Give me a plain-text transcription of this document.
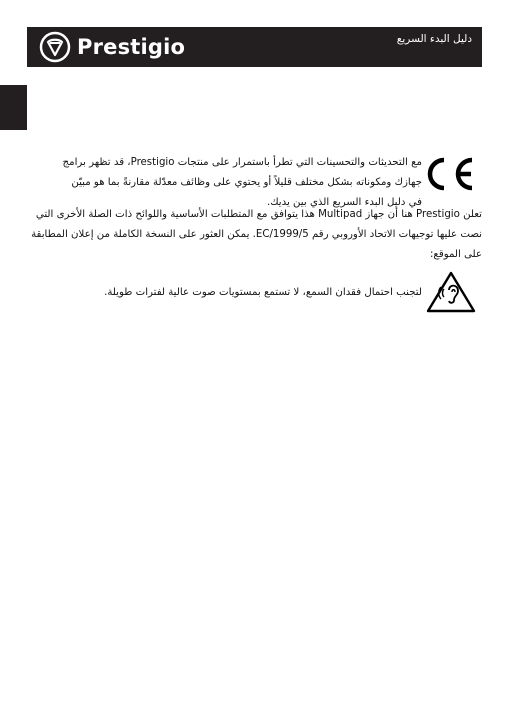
Prestigio	دليل البدء السريع
مع التحديثات والتحسينات التي تطرأ باستمرار على منتجات Prestigio، قد تظهر برامج جهازك ومكوناته بشكل مختلف قليلاً أو يحتوي على وظائف معدّلة مقارنةً بما هو مبيّن في دليل البدء السريع الذي بين يديك.
تعلن Prestigio هنا أن جهاز Multipad هذا يتوافق مع المتطلبات الأساسية واللوائح ذات الصلة الأخرى التي نصت عليها توجيهات الاتحاد الأوروبي رقم EC/1999/5. يمكن العثور على النسخة الكاملة من إعلان المطابقة على الموقع:
لتجنب احتمال فقدان السمع، لا تستمع بمستويات صوت عالية لفترات طويلة.
